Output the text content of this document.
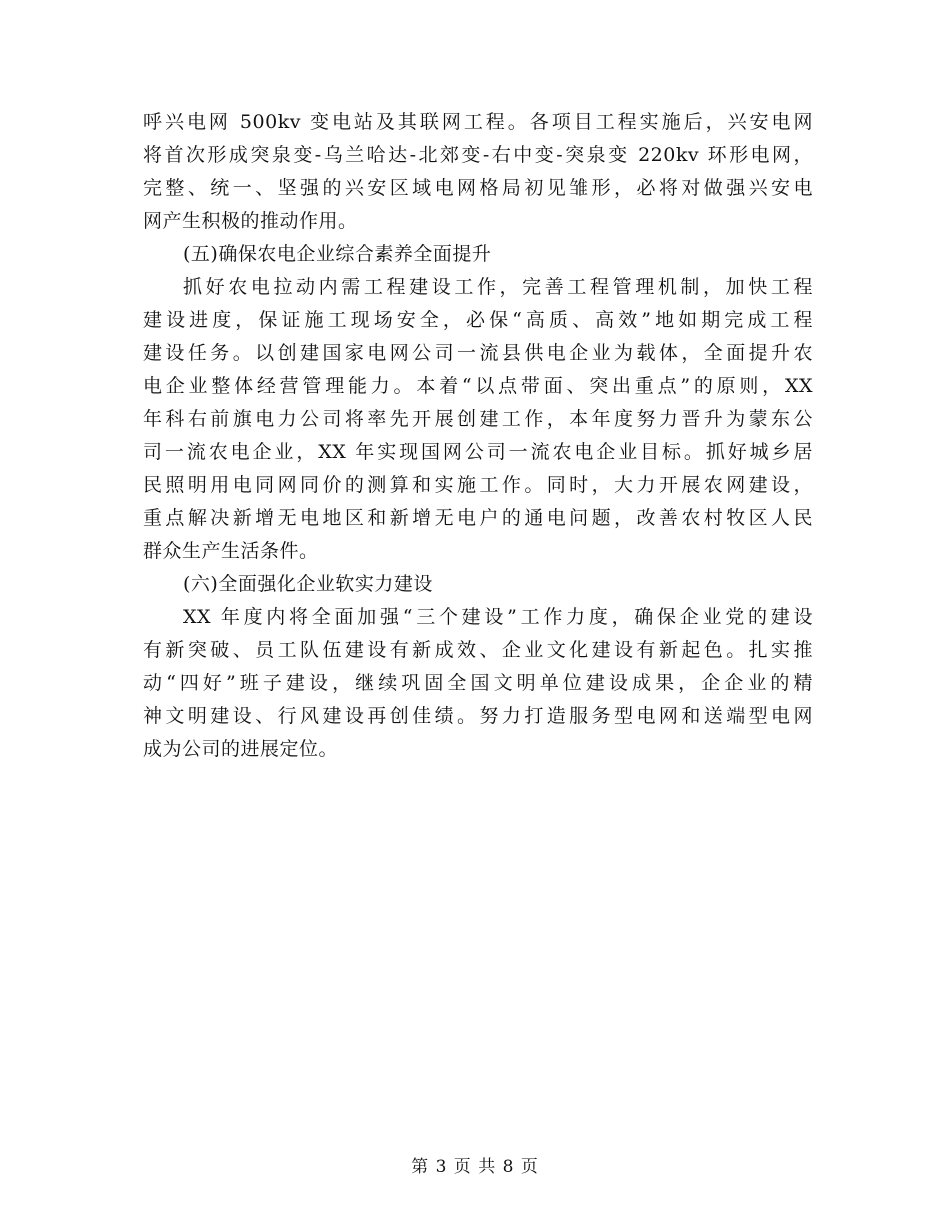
呼兴电网 500kv 变电站及其联网工程。各项目工程实施后，兴安电网
将首次形成突泉变-乌兰哈达-北郊变-右中变-突泉变 220kv 环形电网，
完整、统一、坚强的兴安区域电网格局初见雏形，必将对做强兴安电
网产生积极的推动作用。
(五)确保农电企业综合素养全面提升
抓好农电拉动内需工程建设工作，完善工程管理机制，加快工程
建设进度，保证施工现场安全，必保“高质、高效”地如期完成工程
建设任务。以创建国家电网公司一流县供电企业为载体，全面提升农
电企业整体经营管理能力。本着“以点带面、突出重点”的原则，XX
年科右前旗电力公司将率先开展创建工作，本年度努力晋升为蒙东公
司一流农电企业，XX 年实现国网公司一流农电企业目标。抓好城乡居
民照明用电同网同价的测算和实施工作。同时，大力开展农网建设，
重点解决新增无电地区和新增无电户的通电问题，改善农村牧区人民
群众生产生活条件。
(六)全面强化企业软实力建设
XX 年度内将全面加强“三个建设”工作力度，确保企业党的建设
有新突破、员工队伍建设有新成效、企业文化建设有新起色。扎实推
动“四好”班子建设，继续巩固全国文明单位建设成果，企企业的精
神文明建设、行风建设再创佳绩。努力打造服务型电网和送端型电网
成为公司的进展定位。
第 3 页 共 8 页
